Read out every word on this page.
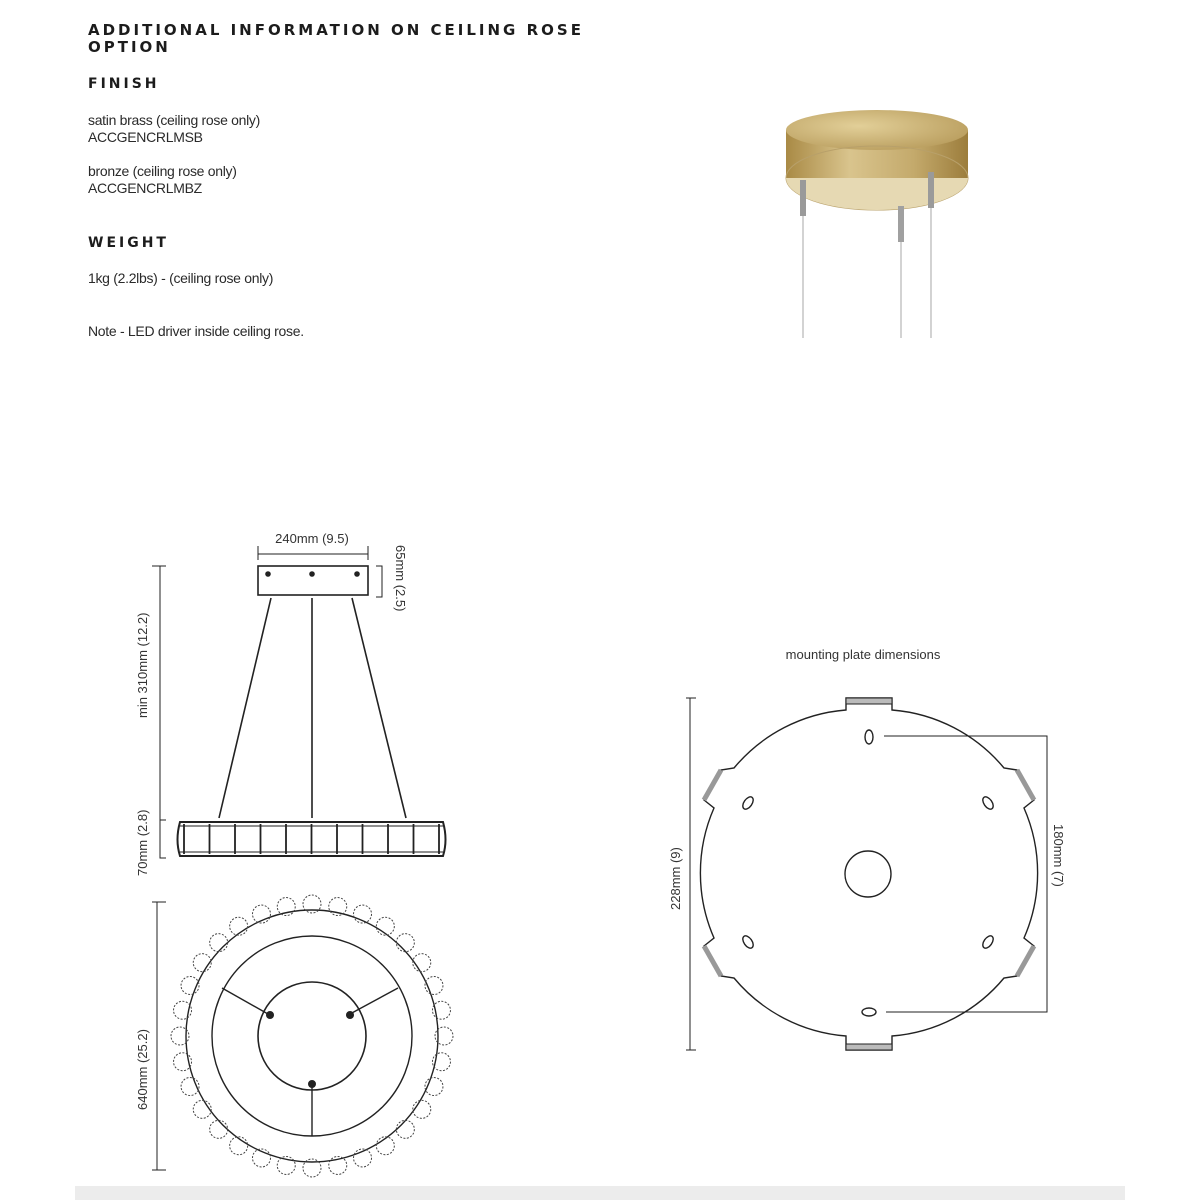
ADDITIONAL INFORMATION ON CEILING ROSE OPTION
FINISH
satin brass (ceiling rose only)
ACCGENCRLMSB
bronze (ceiling rose only)
ACCGENCRLMBZ
WEIGHT
1kg (2.2lbs) - (ceiling rose only)
Note - LED driver inside ceiling rose.
240mm (9.5)
65mm (2.5)
min 310mm (12.2)
70mm (2.8)
640mm (25.2)
mounting plate dimensions
228mm (9)	180mm (7)
